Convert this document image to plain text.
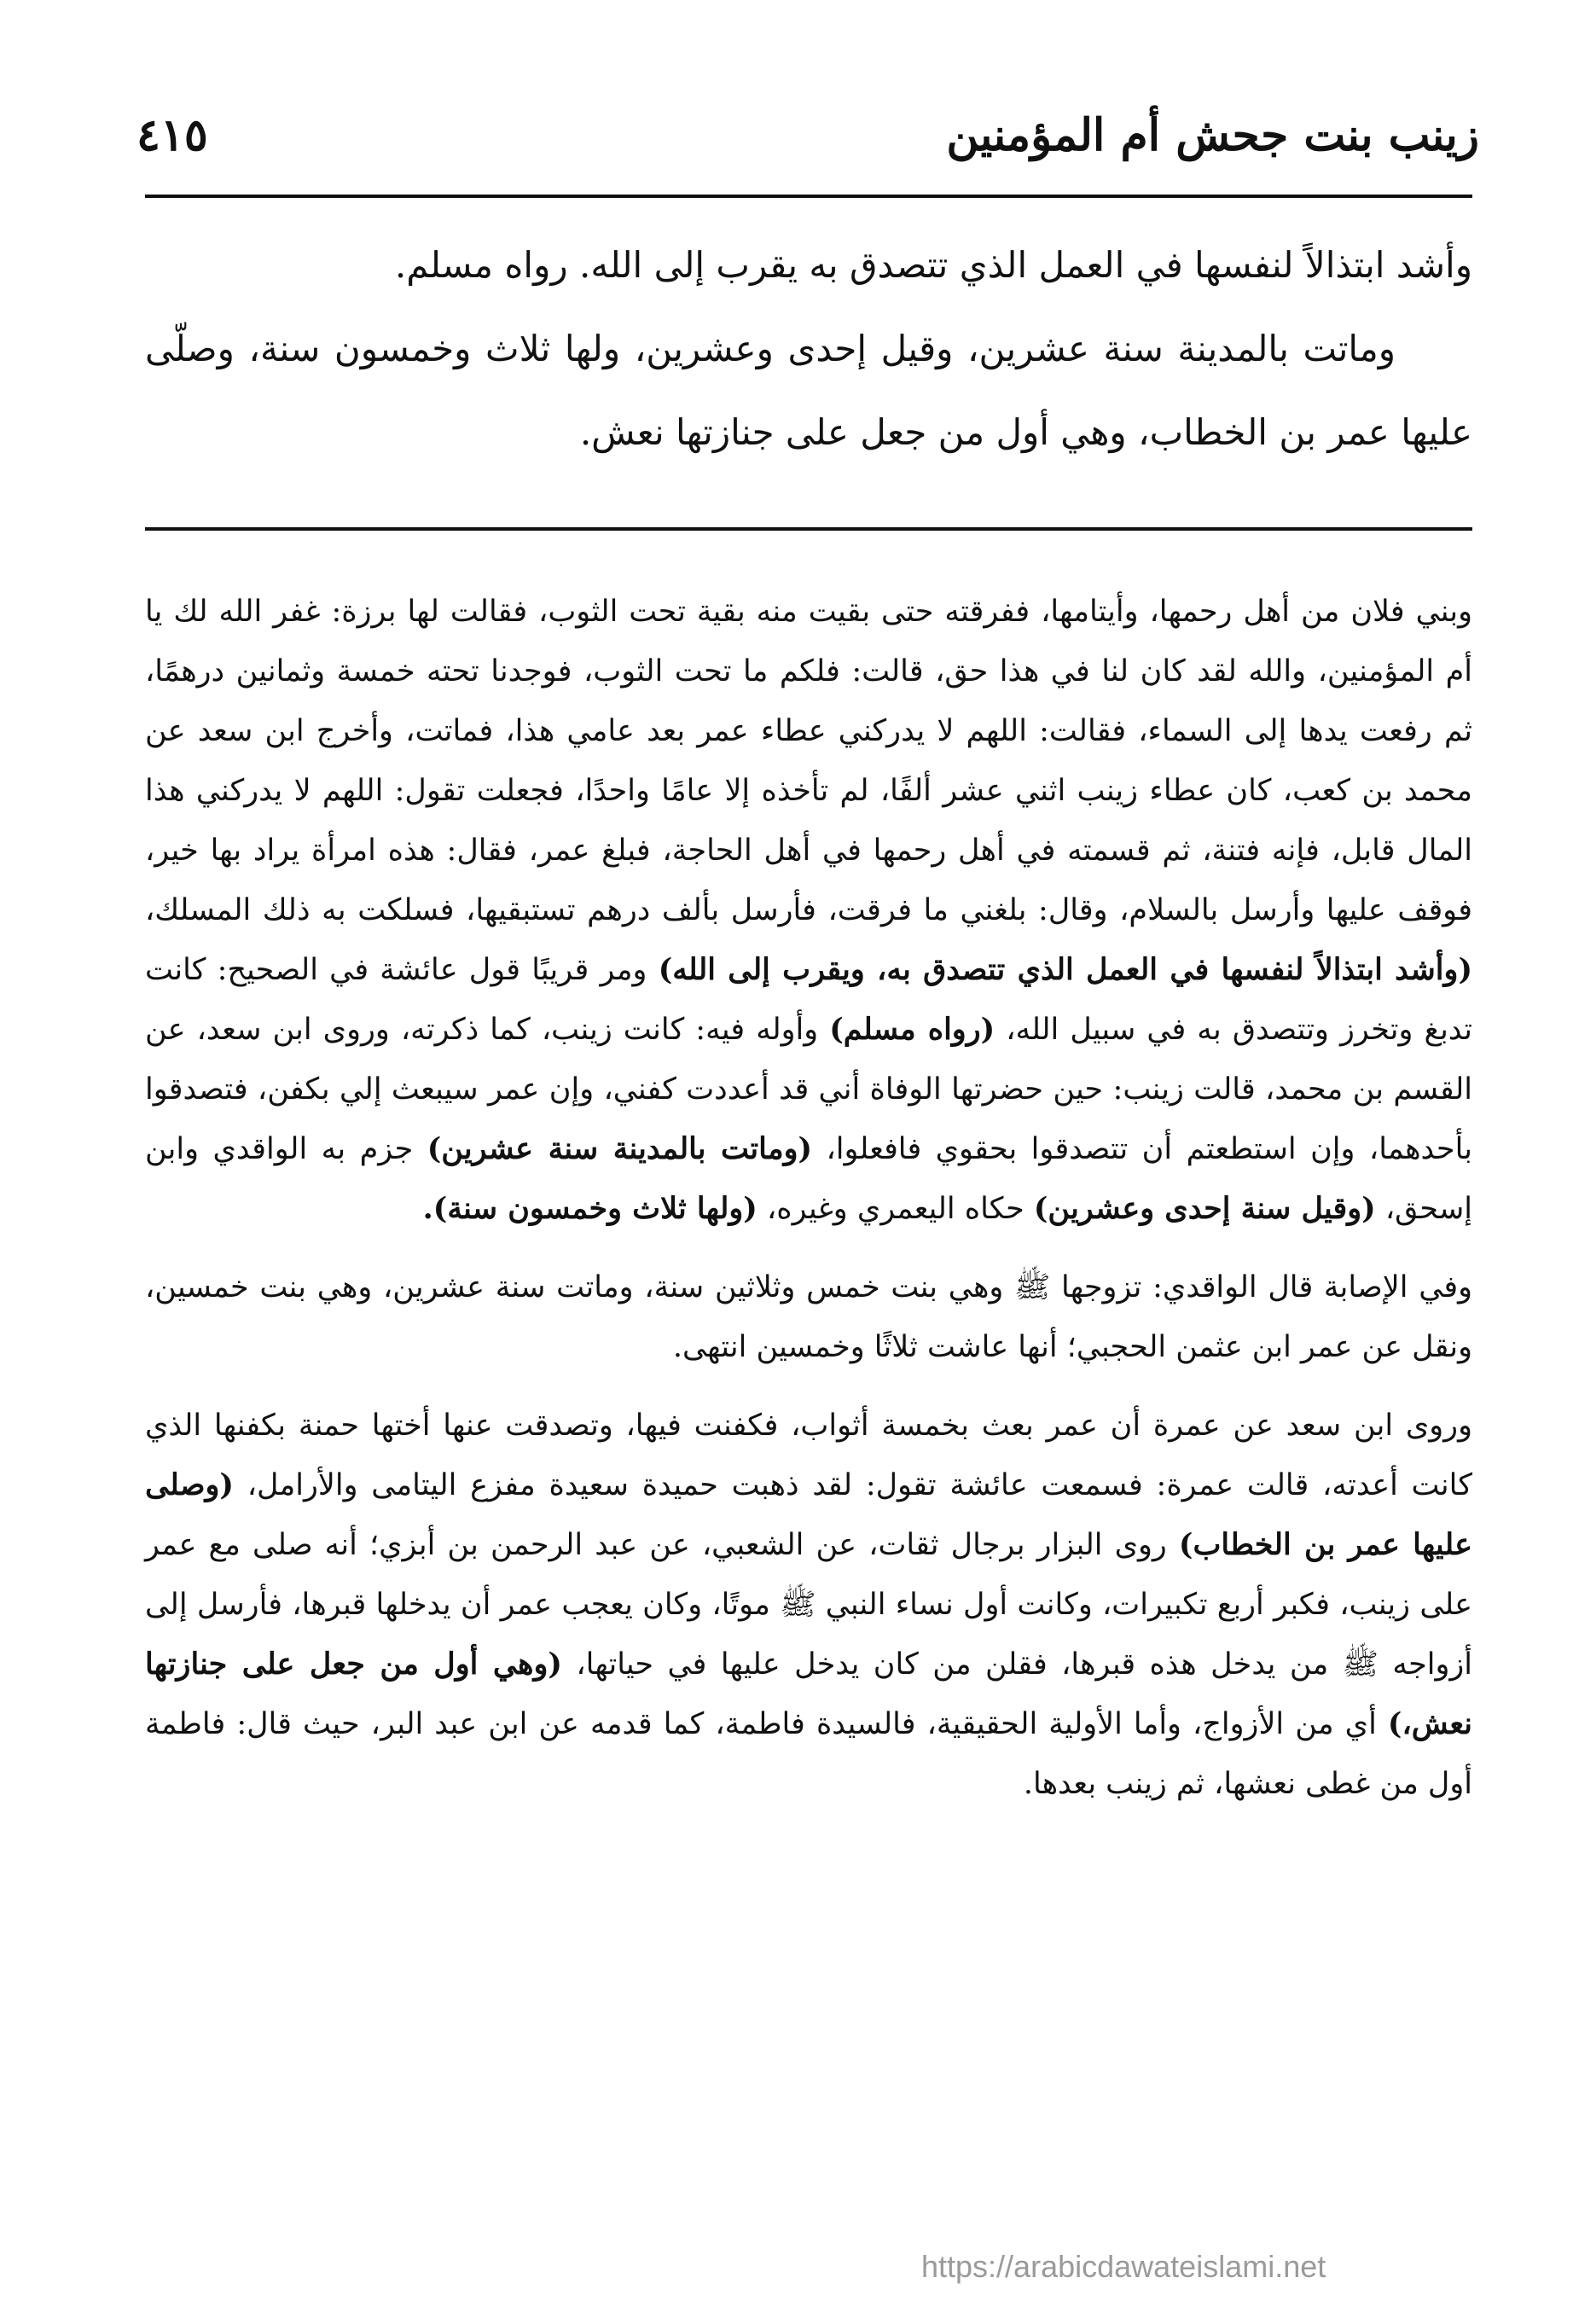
زينب بنت جحش أم المؤمنين
٤١٥

وأشد ابتذالاً لنفسها في العمل الذي تتصدق به يقرب إلى الله. رواه مسلم.

وماتت بالمدينة سنة عشرين، وقيل إحدى وعشرين، ولها ثلاث وخمسون سنة، وصلّى عليها عمر بن الخطاب، وهي أول من جعل على جنازتها نعش.

وبني فلان من أهل رحمها، وأيتامها، ففرقته حتى بقيت منه بقية تحت الثوب، فقالت لها برزة: غفر الله لك يا أم المؤمنين، والله لقد كان لنا في هذا حق، قالت: فلكم ما تحت الثوب، فوجدنا تحته خمسة وثمانين درهمًا، ثم رفعت يدها إلى السماء، فقالت: اللهم لا يدركني عطاء عمر بعد عامي هذا، فماتت، وأخرج ابن سعد عن محمد بن كعب، كان عطاء زينب اثني عشر ألفًا، لم تأخذه إلا عامًا واحدًا، فجعلت تقول: اللهم لا يدركني هذا المال قابل، فإنه فتنة، ثم قسمته في أهل رحمها في أهل الحاجة، فبلغ عمر، فقال: هذه امرأة يراد بها خير، فوقف عليها وأرسل بالسلام، وقال: بلغني ما فرقت، فأرسل بألف درهم تستبقيها، فسلكت به ذلك المسلك، (وأشد ابتذالاً لنفسها في العمل الذي تتصدق به، ويقرب إلى الله) ومر قريبًا قول عائشة في الصحيح: كانت تدبغ وتخرز وتتصدق به في سبيل الله، (رواه مسلم) وأوله فيه: كانت زينب، كما ذكرته، وروى ابن سعد، عن القسم بن محمد، قالت زينب: حين حضرتها الوفاة أني قد أعددت كفني، وإن عمر سيبعث إلي بكفن، فتصدقوا بأحدهما، وإن استطعتم أن تتصدقوا بحقوي فافعلوا، (وماتت بالمدينة سنة عشرين) جزم به الواقدي وابن إسحق، (وقيل سنة إحدى وعشرين) حكاه اليعمري وغيره، (ولها ثلاث وخمسون سنة).

وفي الإصابة قال الواقدي: تزوجها ﷺ وهي بنت خمس وثلاثين سنة، وماتت سنة عشرين، وهي بنت خمسين، ونقل عن عمر ابن عثمن الحجبي؛ أنها عاشت ثلاثًا وخمسين انتهى.

وروى ابن سعد عن عمرة أن عمر بعث بخمسة أثواب، فكفنت فيها، وتصدقت عنها أختها حمنة بكفنها الذي كانت أعدته، قالت عمرة: فسمعت عائشة تقول: لقد ذهبت حميدة سعيدة مفزع اليتامى والأرامل، (وصلى عليها عمر بن الخطاب) روى البزار برجال ثقات، عن الشعبي، عن عبد الرحمن بن أبزي؛ أنه صلى مع عمر على زينب، فكبر أربع تكبيرات، وكانت أول نساء النبي ﷺ موتًا، وكان يعجب عمر أن يدخلها قبرها، فأرسل إلى أزواجه ﷺ من يدخل هذه قبرها، فقلن من كان يدخل عليها في حياتها، (وهي أول من جعل على جنازتها نعش،) أي من الأزواج، وأما الأولية الحقيقية، فالسيدة فاطمة، كما قدمه عن ابن عبد البر، حيث قال: فاطمة أول من غطى نعشها، ثم زينب بعدها.

https://arabicdawateislami.net
